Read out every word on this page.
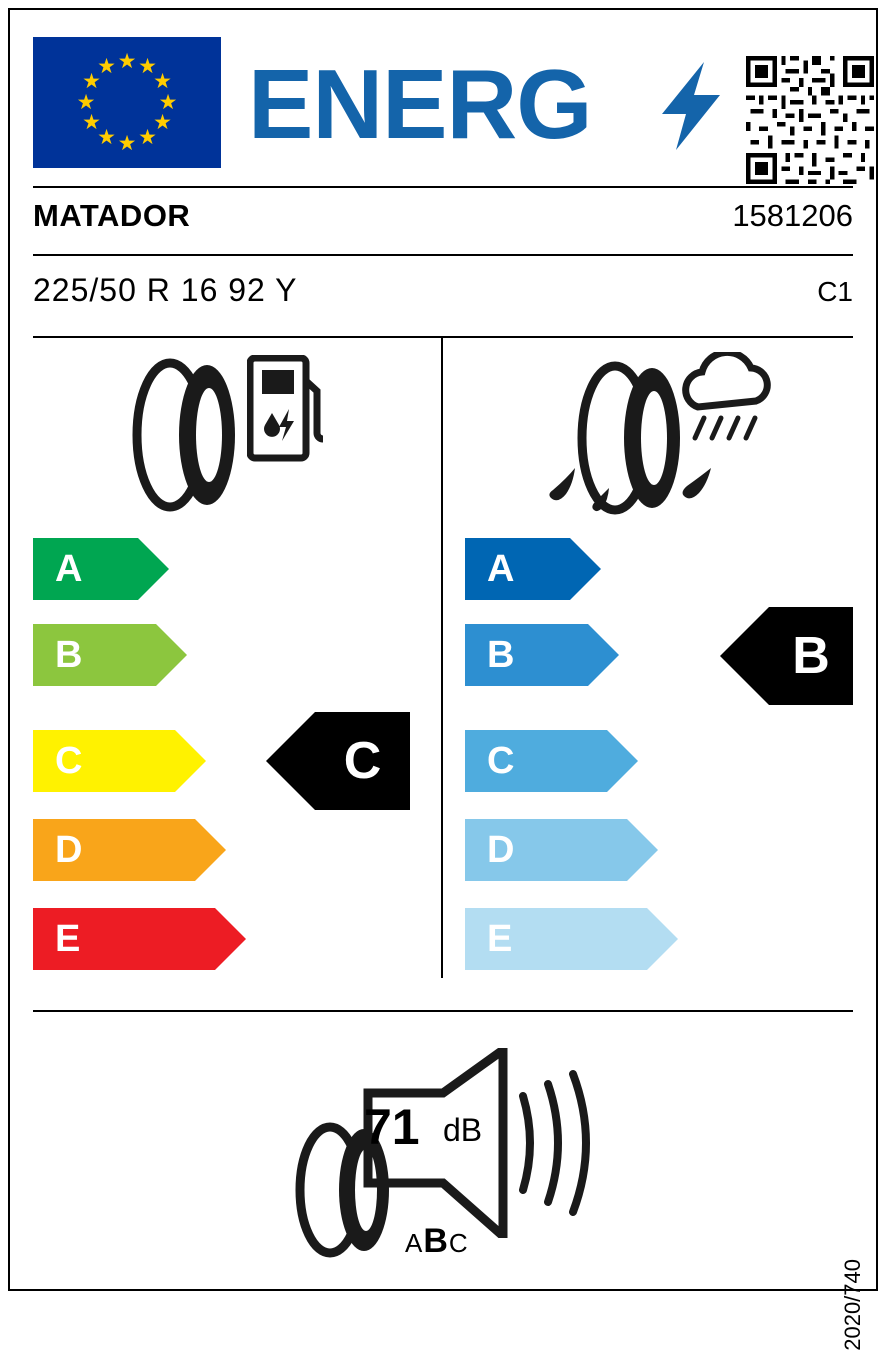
★ ★
★
★
★
★
★
★
★
★
★
★ ENERG
MATADOR	1581206
225/50 R 16 92 Y	C1
A
B
C
D
E
C
A
B
C
D
E
B
71 dB
ABC
2020/740
